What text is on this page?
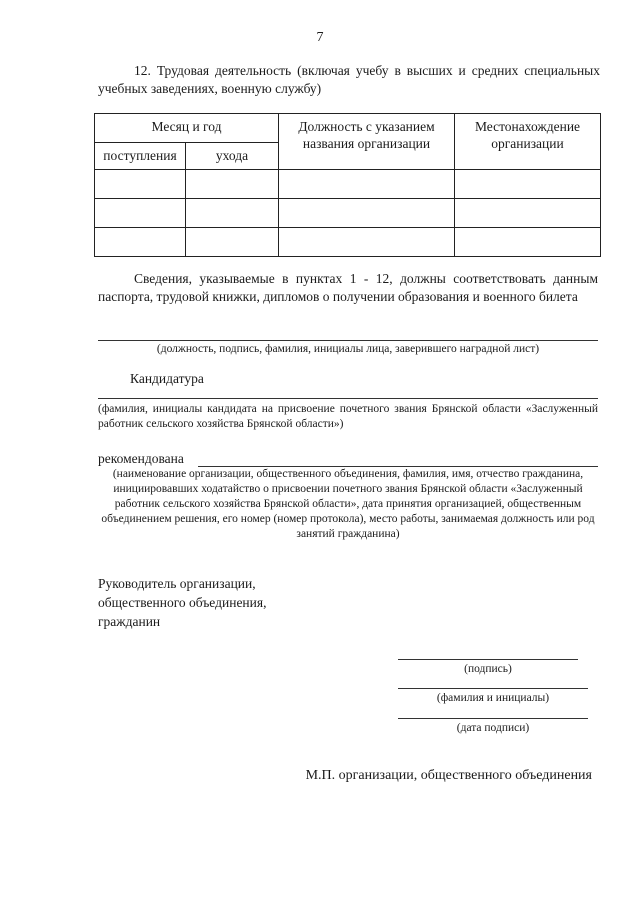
7
12. Трудовая деятельность (включая учебу в высших и средних специальных учебных заведениях, военную службу)
Месяц и год		Должность с указанием названия организации	Местонахождение организации
поступления	ухода		

Сведения, указываемые в пунктах 1 - 12, должны соответствовать данным паспорта, трудовой книжки, дипломов о получении образования и военного билета
(должность, подпись, фамилия, инициалы лица, заверившего наградной лист)
Кандидатура
(фамилия, инициалы кандидата на присвоение почетного звания Брянской области «Заслуженный работник сельского хозяйства Брянской области»)
рекомендована
(наименование организации, общественного объединения, фамилия, имя, отчество гражданина, инициировавших ходатайство о присвоении почетного звания Брянской области «Заслуженный работник сельского хозяйства Брянской области», дата принятия организацией, общественным объединением решения, его номер (номер протокола), место работы, занимаемая должность или род занятий гражданина)
Руководитель организации,
общественного объединения,
гражданин
(подпись)
(фамилия и инициалы)
(дата подписи)
М.П. организации, общественного объединения
